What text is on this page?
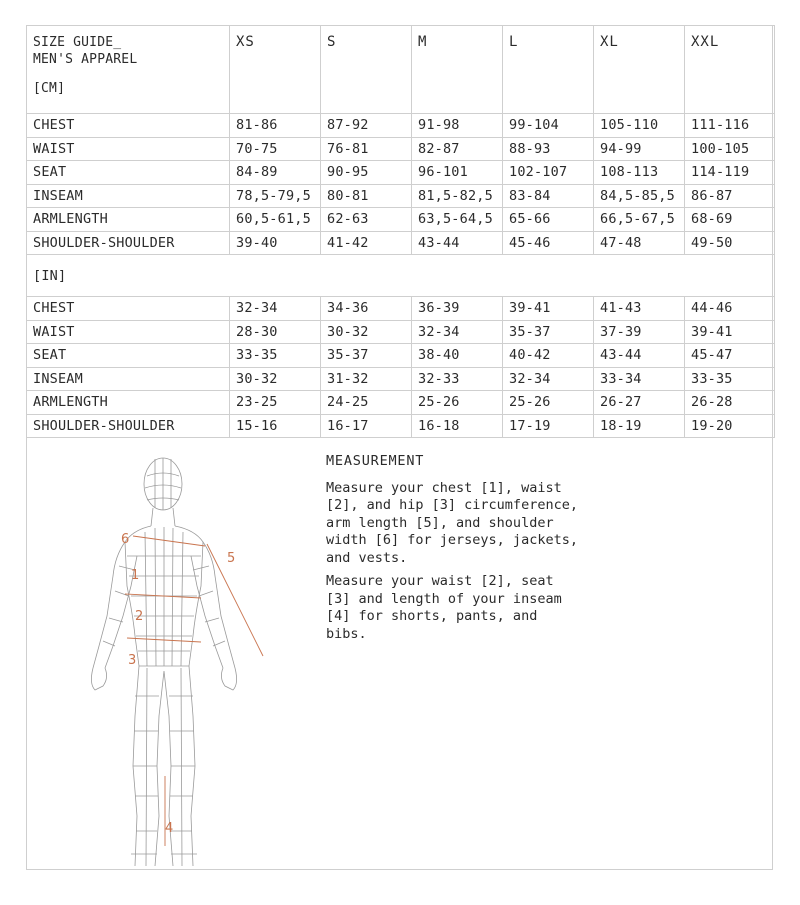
SIZE GUIDE_
MEN'S APPAREL
[CM]	XS	S	M	L	XL	XXL
CHEST	81-86	87-92	91-98	99-104	105-110	111-116
WAIST	70-75	76-81	82-87	88-93	94-99	100-105
SEAT	84-89	90-95	96-101	102-107	108-113	114-119
INSEAM	78,5-79,5	80-81	81,5-82,5	83-84	84,5-85,5	86-87
ARMLENGTH	60,5-61,5	62-63	63,5-64,5	65-66	66,5-67,5	68-69
SHOULDER-SHOULDER	39-40	41-42	43-44	45-46	47-48	49-50
[IN]						
CHEST	32-34	34-36	36-39	39-41	41-43	44-46
WAIST	28-30	30-32	32-34	35-37	37-39	39-41
SEAT	33-35	35-37	38-40	40-42	43-44	45-47
INSEAM	30-32	31-32	32-33	32-34	33-34	33-35
ARMLENGTH	23-25	24-25	25-26	25-26	26-27	26-28
SHOULDER-SHOULDER	15-16	16-17	16-18	17-19	18-19	19-20
1
2
3
4
5
6
MEASUREMENT

Measure your chest [1], waist [2], and hip [3] circumference, arm length [5], and shoulder width [6] for jerseys, jackets, and vests.

Measure your waist [2], seat [3] and length of your inseam [4] for shorts, pants, and bibs.
